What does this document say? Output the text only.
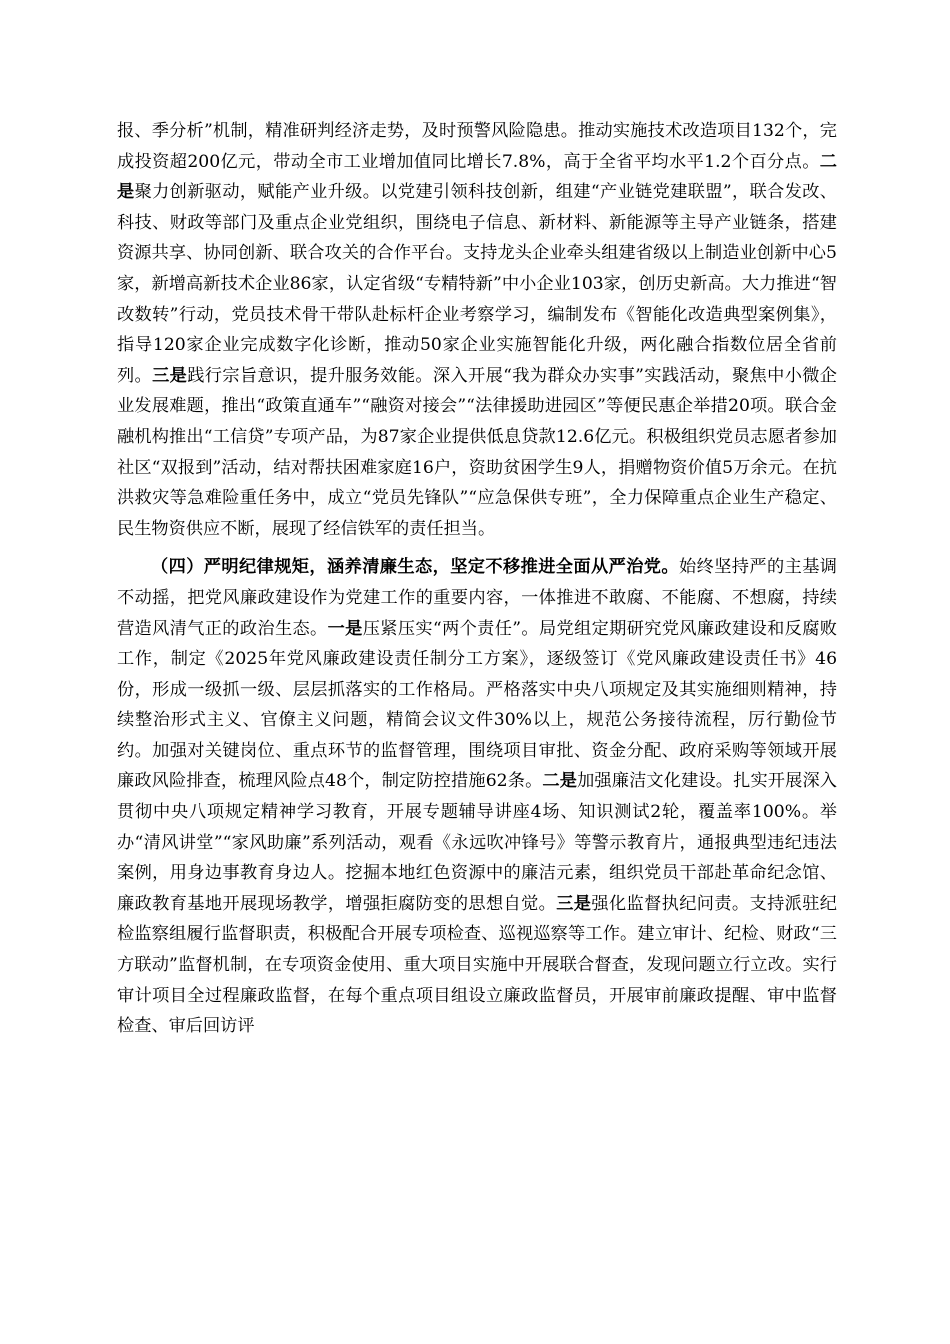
报、季分析”机制，精准研判经济走势，及时预警风险隐患。推动实施技术改造项目132个，完成投资超200亿元，带动全市工业增加值同比增长7.8%，高于全省平均水平1.2个百分点。二是聚力创新驱动，赋能产业升级。以党建引领科技创新，组建“产业链党建联盟”，联合发改、科技、财政等部门及重点企业党组织，围绕电子信息、新材料、新能源等主导产业链条，搭建资源共享、协同创新、联合攻关的合作平台。支持龙头企业牵头组建省级以上制造业创新中心5家，新增高新技术企业86家，认定省级“专精特新”中小企业103家，创历史新高。大力推进“智改数转”行动，党员技术骨干带队赴标杆企业考察学习，编制发布《智能化改造典型案例集》，指导120家企业完成数字化诊断，推动50家企业实施智能化升级，两化融合指数位居全省前列。三是践行宗旨意识，提升服务效能。深入开展“我为群众办实事”实践活动，聚焦中小微企业发展难题，推出“政策直通车”“融资对接会”“法律援助进园区”等便民惠企举措20项。联合金融机构推出“工信贷”专项产品，为87家企业提供低息贷款12.6亿元。积极组织党员志愿者参加社区“双报到”活动，结对帮扶困难家庭16户，资助贫困学生9人，捐赠物资价值5万余元。在抗洪救灾等急难险重任务中，成立“党员先锋队”“应急保供专班”，全力保障重点企业生产稳定、民生物资供应不断，展现了经信铁军的责任担当。

（四）严明纪律规矩，涵养清廉生态，坚定不移推进全面从严治党。始终坚持严的主基调不动摇，把党风廉政建设作为党建工作的重要内容，一体推进不敢腐、不能腐、不想腐，持续营造风清气正的政治生态。一是压紧压实“两个责任”。局党组定期研究党风廉政建设和反腐败工作，制定《2025年党风廉政建设责任制分工方案》，逐级签订《党风廉政建设责任书》46份，形成一级抓一级、层层抓落实的工作格局。严格落实中央八项规定及其实施细则精神，持续整治形式主义、官僚主义问题，精简会议文件30%以上，规范公务接待流程，厉行勤俭节约。加强对关键岗位、重点环节的监督管理，围绕项目审批、资金分配、政府采购等领域开展廉政风险排查，梳理风险点48个，制定防控措施62条。二是加强廉洁文化建设。扎实开展深入贯彻中央八项规定精神学习教育，开展专题辅导讲座4场、知识测试2轮，覆盖率100%。举办“清风讲堂”“家风助廉”系列活动，观看《永远吹冲锋号》等警示教育片，通报典型违纪违法案例，用身边事教育身边人。挖掘本地红色资源中的廉洁元素，组织党员干部赴革命纪念馆、廉政教育基地开展现场教学，增强拒腐防变的思想自觉。三是强化监督执纪问责。支持派驻纪检监察组履行监督职责，积极配合开展专项检查、巡视巡察等工作。建立审计、纪检、财政“三方联动”监督机制，在专项资金使用、重大项目实施中开展联合督查，发现问题立行立改。实行审计项目全过程廉政监督，在每个重点项目组设立廉政监督员，开展审前廉政提醒、审中监督检查、审后回访评
